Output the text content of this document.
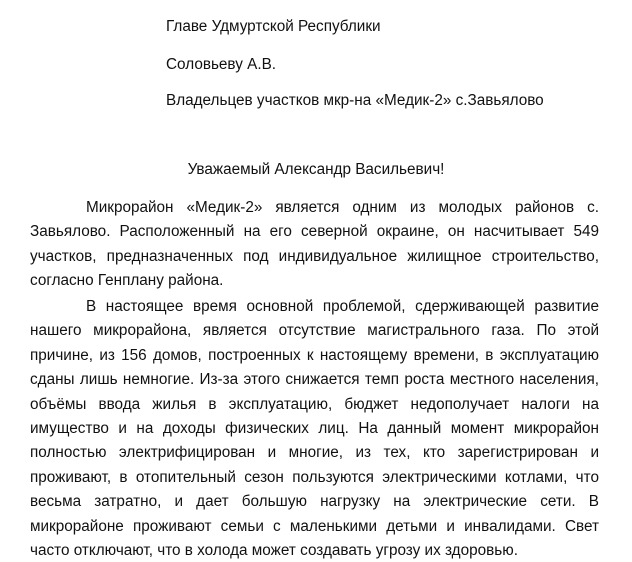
Главе Удмуртской Республики
Соловьеву А.В.
Владельцев участков мкр-на «Медик-2» с.Завьялово
Уважаемый Александр Васильевич!

Микрорайон «Медик-2» является одним из молодых районов с. Завьялово. Расположенный на его северной окраине, он насчитывает 549 участков, предназначенных под индивидуальное жилищное строительство, согласно Генплану района.

В настоящее время основной проблемой, сдерживающей развитие нашего микрорайона, является отсутствие магистрального газа. По этой причине, из 156 домов, построенных к настоящему времени, в эксплуатацию сданы лишь немногие. Из-за этого снижается темп роста местного населения, объёмы ввода жилья в эксплуатацию, бюджет недополучает налоги на имущество и на доходы физических лиц. На данный момент микрорайон полностью электрифицирован и многие, из тех, кто зарегистрирован и проживают, в отопительный сезон пользуются электрическими котлами, что весьма затратно, и дает большую нагрузку на электрические сети. В микрорайоне проживают семьи с маленькими детьми и инвалидами. Свет часто отключают, что в холода может создавать угрозу их здоровью.
